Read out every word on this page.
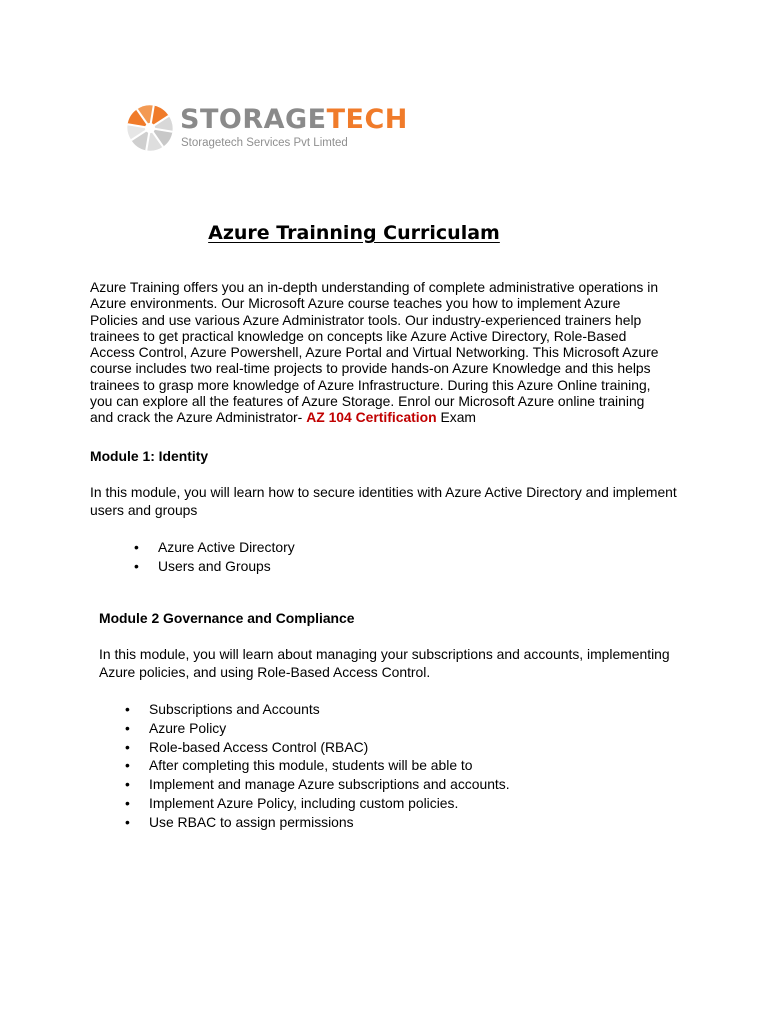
STORAGETECH
Storagetech Services Pvt Limted
Azure Trainning Curriculam

Azure Training offers you an in-depth understanding of complete administrative operations in Azure environments. Our Microsoft Azure course teaches you how to implement Azure Policies and use various Azure Administrator tools. Our industry-experienced trainers help trainees to get practical knowledge on concepts like Azure Active Directory, Role-Based Access Control, Azure Powershell, Azure Portal and Virtual Networking. This Microsoft Azure course includes two real-time projects to provide hands-on Azure Knowledge and this helps trainees to grasp more knowledge of Azure Infrastructure. During this Azure Online training, you can explore all the features of Azure Storage. Enrol our Microsoft Azure online training and crack the Azure Administrator- AZ 104 Certification Exam

Module 1: Identity

In this module, you will learn how to secure identities with Azure Active Directory and implement users and groups

• Azure Active Directory
• Users and Groups

Module 2 Governance and Compliance

In this module, you will learn about managing your subscriptions and accounts, implementing Azure policies, and using Role-Based Access Control.

• Subscriptions and Accounts
• Azure Policy
• Role-based Access Control (RBAC)
• After completing this module, students will be able to
• Implement and manage Azure subscriptions and accounts.
• Implement Azure Policy, including custom policies.
• Use RBAC to assign permissions
